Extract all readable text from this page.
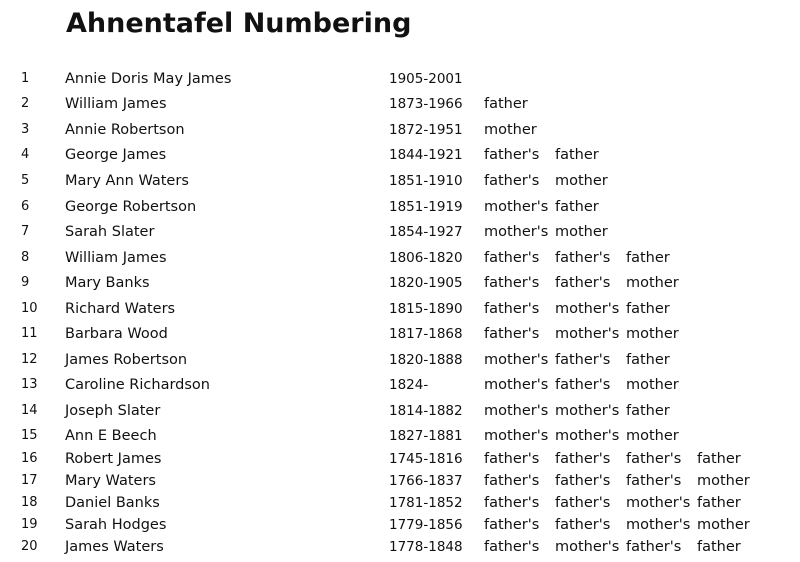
Ahnentafel Numbering
1 Annie Doris May James	1905-2001
2 William James	1873-1966 father
3 Annie Robertson	1872-1951 mother
4 George James	1844-1921 father's father
5 Mary Ann Waters	1851-1910 father's mother
6 George Robertson	1851-1919 mother's father
7 Sarah Slater	1854-1927 mother's mother
8 William James	1806-1820 father's father's father
9 Mary Banks	1820-1905 father's father's mother
10 Richard Waters	1815-1890 father's mother's father
11 Barbara Wood	1817-1868 father's mother's mother
12 James Robertson	1820-1888 mother's father's father
13 Caroline Richardson	1824-	mother's father's mother
14 Joseph Slater	1814-1882 mother's mother's father
15 Ann E Beech	1827-1881 mother's mother's mother
16 Robert James	1745-1816 father's father's father's father
17 Mary Waters	1766-1837 father's father's father's mother
18 Daniel Banks	1781-1852 father's father's mother's father
19 Sarah Hodges	1779-1856 father's father's mother's mother
20 James Waters	1778-1848 father's mother's father's father
